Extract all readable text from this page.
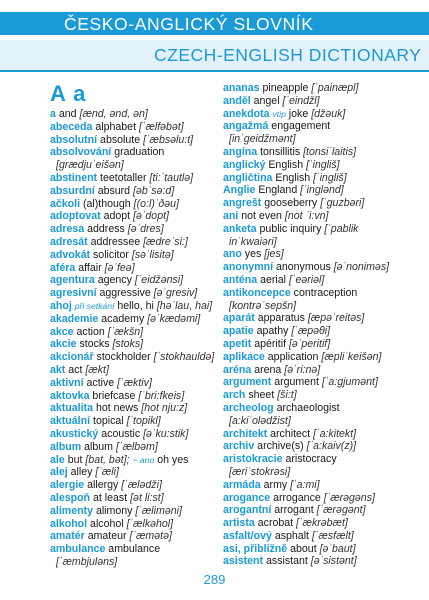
ČESKO-ANGLICKÝ SLOVNÍK
CZECH-ENGLISH DICTIONARY
A a
a and [ænd, ənd, ən]
abeceda alphabet [ˈælfəbət]
absolutní absolute [ˈæbsəlu:t]
absolvování graduation
[grædjuˈeišən]
abstinent teetotaller [ti:ˈtautlə]
absurdní absurd [əbˈsə:d]
ačkoli (al)though [(o:l)ˈðəu]
adoptovat adopt [əˈdopt]
adresa address [əˈdres]
adresát addressee [ædreˈsi:]
advokát solicitor [səˈlisitə]
aféra affair [əˈfeə]
agentura agency [ˈeidžənsi]
agresivní aggressive [əˈgresiv]
ahoj při setkání hello, hi [həˈlau, hai]
akademie academy [əˈkædəmi]
akce action [ˈækšn]
akcie stocks [stoks]
akcionář stockholder [ˈstokhauldə]
akt act [ækt]
aktivní active [ˈæktiv]
aktovka briefcase [ˈbri:fkeis]
aktualita hot news [hot nju:z]
aktuální topical [ˈtopikl]
akustický acoustic [əˈku:stik]
album album [ˈælbəm]
ale but [bat, bət]; ~ ano oh yes
alej alley [ˈæli]
alergie allergy [ˈælədži]
alespoň at least [ət li:st]
alimenty alimony [ˈæliməni]
alkohol alcohol [ˈælkəhol]
amatér amateur [ˈæmətə]
ambulance ambulance
[ˈæmbjuləns]
ananas pineapple [ˈpainæpl]
anděl angel [ˈeindžl]
anekdota vtip joke [džəuk]
angažmá engagement
[inˈgeidžmənt]
angína tonsillitis [tonsiˈlaitis]
anglický English [ˈingliš]
angličtina English [ˈingliš]
Anglie England [ˈinglənd]
angrešt gooseberry [ˈguzbəri]
ani not even [not ˈi:vn]
anketa public inquiry [ˈpablik
inˈkwaiəri]
ano yes [jes]
anonymní anonymous [əˈnoniməs]
anténa aerial [ˈeəriəl]
antikoncepce contraception
[kontrəˈsepšn]
aparát apparatus [æpəˈreitəs]
apatie apathy [ˈæpəθi]
apetit apéritif [əˈperitif]
aplikace application [æpliˈkeišən]
aréna arena [əˈri:nə]
argument argument [ˈa:gjumənt]
arch sheet [ši:t]
archeolog archaeologist
[a:kiˈolədžist]
architekt architect [ˈa:kitekt]
archiv archive(s) [ˈa:kaiv(z)]
aristokracie aristocracy
[æriˈstokrəsi]
armáda army [ˈa:mi]
arogance arrogance [ˈærəgəns]
arogantní arrogant [ˈærəgənt]
artista acrobat [ˈækrəbæt]
asfalt/ový asphalt [ˈæsfælt]
asi, přibližně about [əˈbaut]
asistent assistant [əˈsistənt]
289
